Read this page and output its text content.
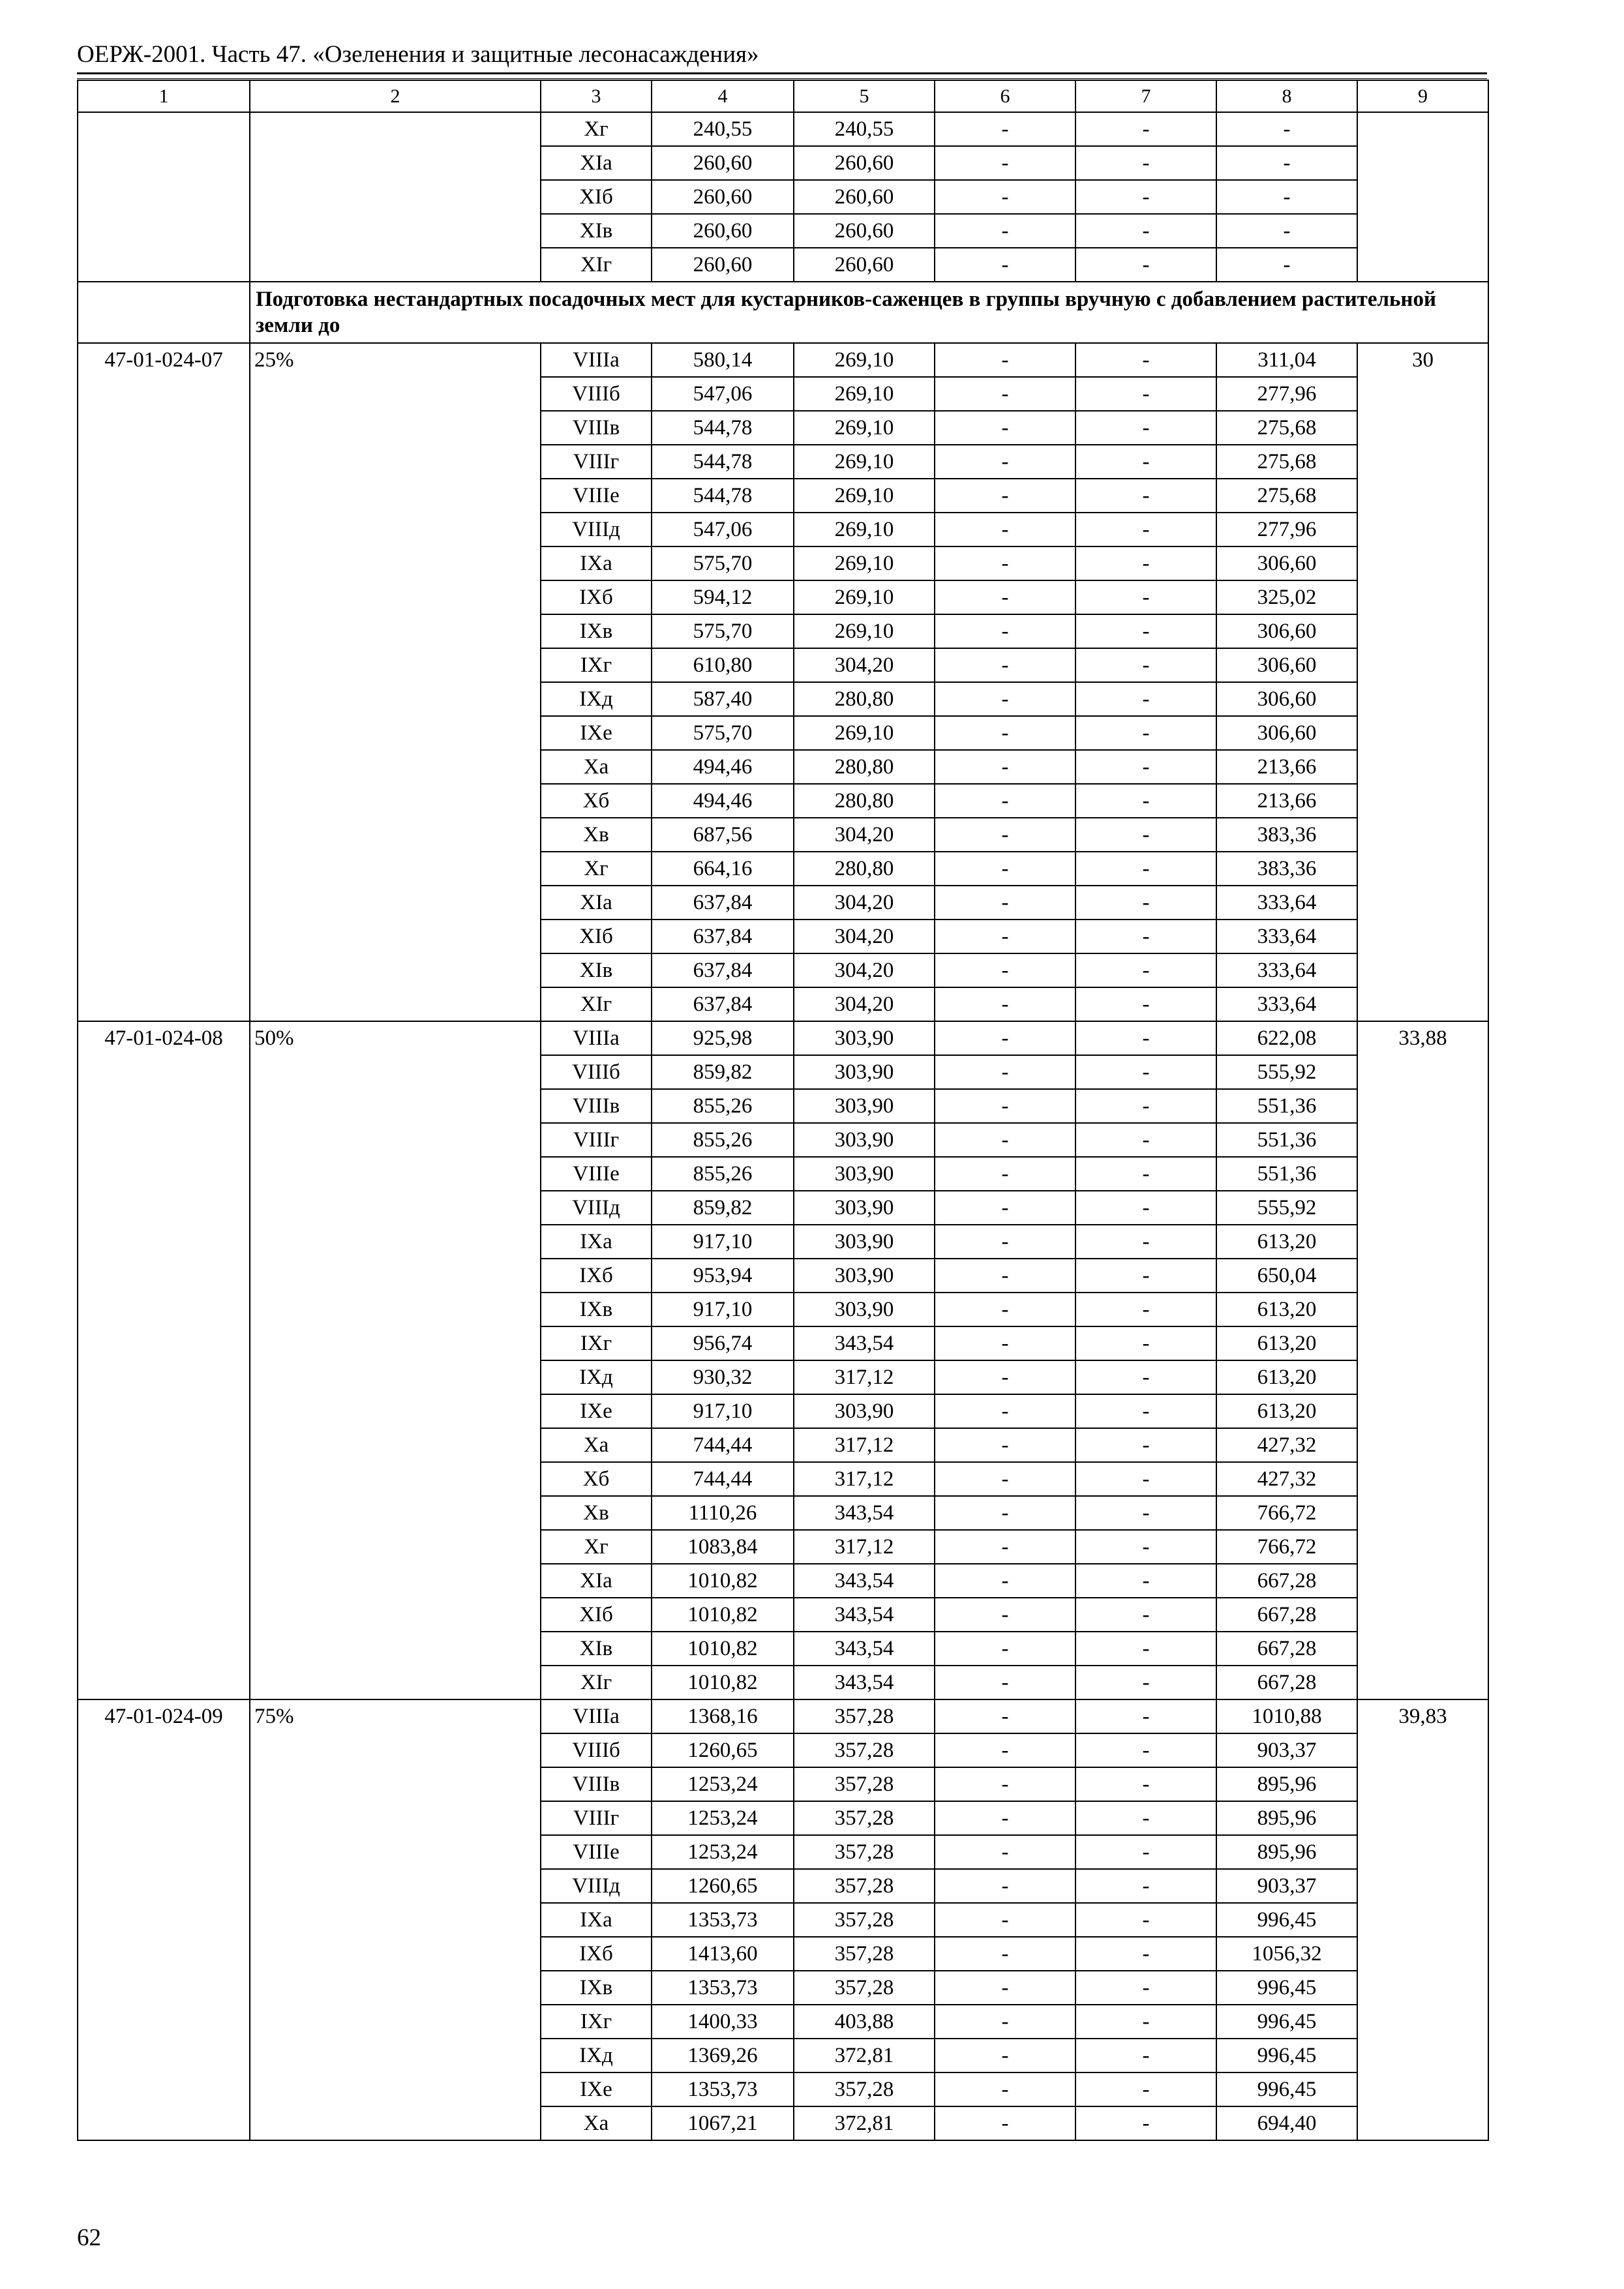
ОЕРЖ-2001. Часть 47. «Озеленения и защитные лесонасаждения»
1	2	3	4	5	6	7	8	9
		Хг	240,55	240,55	-	-	-	
		ХIа	260,60	260,60	-	-	-	
		ХIб	260,60	260,60	-	-	-	
		ХIв	260,60	260,60	-	-	-	
		ХIг	260,60	260,60	-	-	-	
	Подготовка нестандартных посадочных мест для кустарников-саженцев в группы вручную с добавлением растительной земли до							
47-01-024-07	25%	VIIIа	580,14	269,10	-	-	311,04	30
		VIIIб	547,06	269,10	-	-	277,96	
		VIIIв	544,78	269,10	-	-	275,68	
		VIIIг	544,78	269,10	-	-	275,68	
		VIIIе	544,78	269,10	-	-	275,68	
		VIIIд	547,06	269,10	-	-	277,96	
		IХа	575,70	269,10	-	-	306,60	
		IХб	594,12	269,10	-	-	325,02	
		IХв	575,70	269,10	-	-	306,60	
		IХг	610,80	304,20	-	-	306,60	
		IХд	587,40	280,80	-	-	306,60	
		IХе	575,70	269,10	-	-	306,60	
		Ха	494,46	280,80	-	-	213,66	
		Хб	494,46	280,80	-	-	213,66	
		Хв	687,56	304,20	-	-	383,36	
		Хг	664,16	280,80	-	-	383,36	
		ХIа	637,84	304,20	-	-	333,64	
		ХIб	637,84	304,20	-	-	333,64	
		ХIв	637,84	304,20	-	-	333,64	
		ХIг	637,84	304,20	-	-	333,64	
47-01-024-08	50%	VIIIа	925,98	303,90	-	-	622,08	33,88
		VIIIб	859,82	303,90	-	-	555,92	
		VIIIв	855,26	303,90	-	-	551,36	
		VIIIг	855,26	303,90	-	-	551,36	
		VIIIе	855,26	303,90	-	-	551,36	
		VIIIд	859,82	303,90	-	-	555,92	
		IХа	917,10	303,90	-	-	613,20	
		IХб	953,94	303,90	-	-	650,04	
		IХв	917,10	303,90	-	-	613,20	
		IХг	956,74	343,54	-	-	613,20	
		IХд	930,32	317,12	-	-	613,20	
		IХе	917,10	303,90	-	-	613,20	
		Ха	744,44	317,12	-	-	427,32	
		Хб	744,44	317,12	-	-	427,32	
		Хв	1110,26	343,54	-	-	766,72	
		Хг	1083,84	317,12	-	-	766,72	
		ХIа	1010,82	343,54	-	-	667,28	
		ХIб	1010,82	343,54	-	-	667,28	
		ХIв	1010,82	343,54	-	-	667,28	
		ХIг	1010,82	343,54	-	-	667,28	
47-01-024-09	75%	VIIIа	1368,16	357,28	-	-	1010,88	39,83
		VIIIб	1260,65	357,28	-	-	903,37	
		VIIIв	1253,24	357,28	-	-	895,96	
		VIIIг	1253,24	357,28	-	-	895,96	
		VIIIе	1253,24	357,28	-	-	895,96	
		VIIIд	1260,65	357,28	-	-	903,37	
		IХа	1353,73	357,28	-	-	996,45	
		IХб	1413,60	357,28	-	-	1056,32	
		IХв	1353,73	357,28	-	-	996,45	
		IХг	1400,33	403,88	-	-	996,45	
		IХд	1369,26	372,81	-	-	996,45	
		IХе	1353,73	357,28	-	-	996,45	
		Ха	1067,21	372,81	-	-	694,40	
62
